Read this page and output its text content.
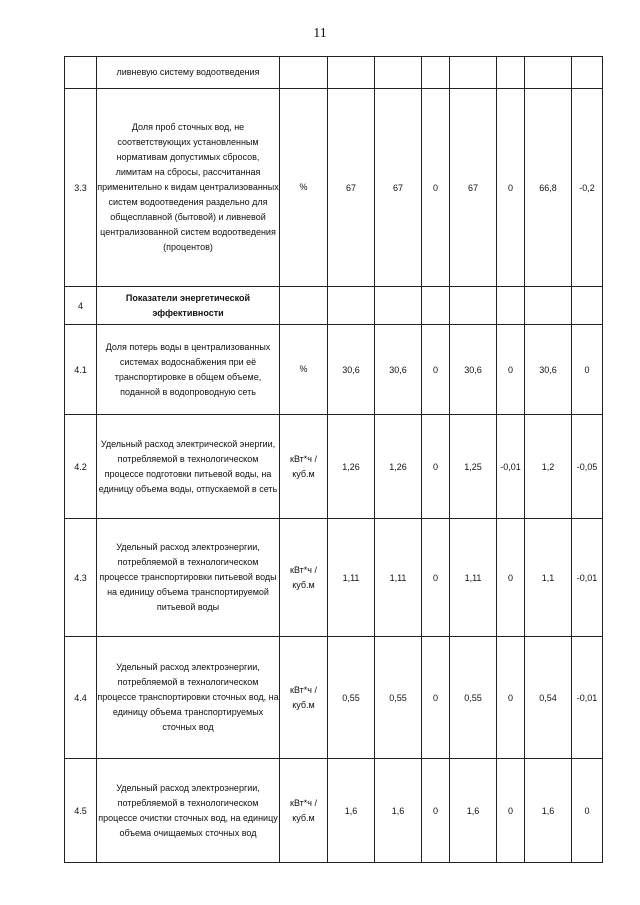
11
	ливневую систему водоотведения								
3.3	Доля проб сточных вод, не соответствующих установленным нормативам допустимых сбросов, лимитам на сбросы, рассчитанная применительно к видам централизованных систем водоотведения раздельно для общесплавной (бытовой) и ливневой централизованной систем водоотведения (процентов)	%	67	67	0	67	0	66,8	-0,2
4	Показатели энергетической эффективности								
4.1	Доля потерь воды в централизованных системах водоснабжения при её транспортировке в общем объеме, поданной в водопроводную сеть	%	30,6	30,6	0	30,6	0	30,6	0
4.2	Удельный расход электрической энергии, потребляемой в технологическом процессе подготовки питьевой воды, на единицу объема воды, отпускаемой в сеть	кВт*ч / куб.м	1,26	1,26	0	1,25	-0,01	1,2	-0,05
4.3	Удельный расход электроэнергии, потребляемой в технологическом процессе транспортировки питьевой воды на единицу объема транспортируемой питьевой воды	кВт*ч / куб.м	1,11	1,11	0	1,11	0	1,1	-0,01
4.4	Удельный расход электроэнергии, потребляемой в технологическом процессе транспортировки сточных вод, на единицу объема транспортируемых сточных вод	кВт*ч / куб.м	0,55	0,55	0	0,55	0	0,54	-0,01
4.5	Удельный расход электроэнергии, потребляемой в технологическом процессе очистки сточных вод, на единицу объема очищаемых сточных вод	кВт*ч / куб.м	1,6	1,6	0	1,6	0	1,6	0
